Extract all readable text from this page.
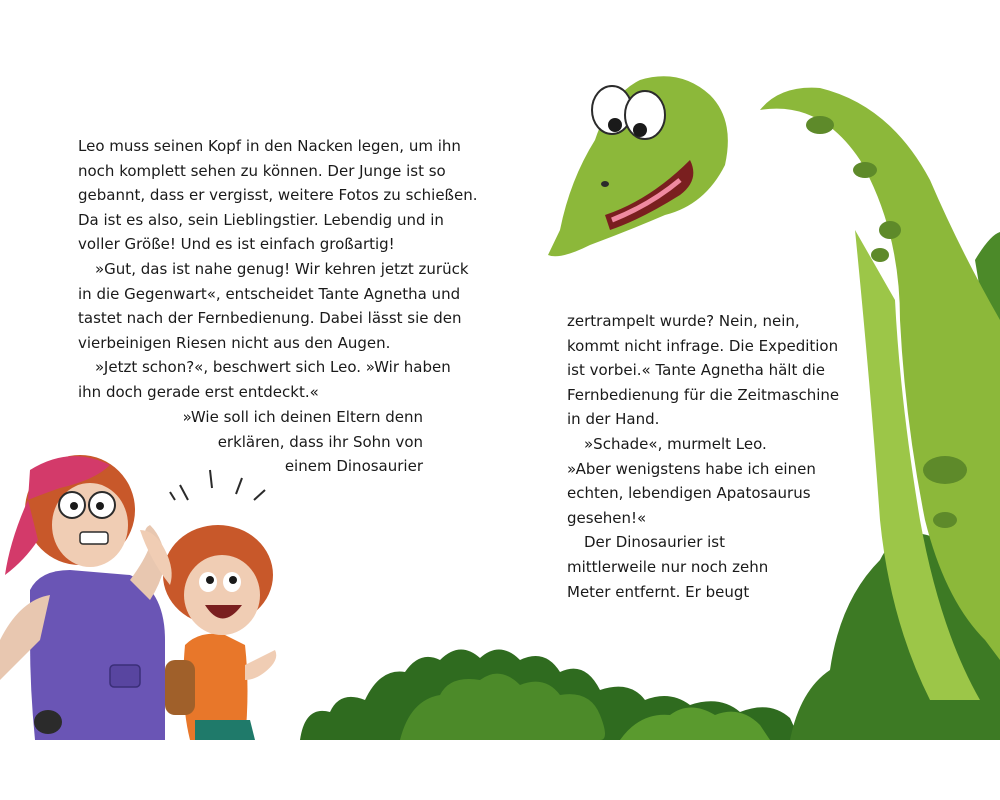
Leo muss seinen Kopf in den Nacken legen, um ihn

noch komplett sehen zu können. Der Junge ist so

gebannt, dass er vergisst, weitere Fotos zu schießen.

Da ist es also, sein Lieblingstier. Lebendig und in

voller Größe! Und es ist einfach großartig!

»Gut, das ist nahe genug! Wir kehren jetzt zurück

in die Gegenwart«, entscheidet Tante Agnetha und

tastet nach der Fernbedienung. Dabei lässt sie den

vierbeinigen Riesen nicht aus den Augen.

»Jetzt schon?«, beschwert sich Leo. »Wir haben

ihn doch gerade erst entdeckt.«

»Wie soll ich deinen Eltern denn

erklären, dass ihr Sohn von

einem Dinosaurier

zertrampelt wurde? Nein, nein,

kommt nicht infrage. Die Expedition

ist vorbei.« Tante Agnetha hält die

Fernbedienung für die Zeitmaschine

in der Hand.

»Schade«, murmelt Leo.

»Aber wenigstens habe ich einen

echten, lebendigen Apatosaurus

gesehen!«

Der Dinosaurier ist

mittlerweile nur noch zehn

Meter entfernt. Er beugt
